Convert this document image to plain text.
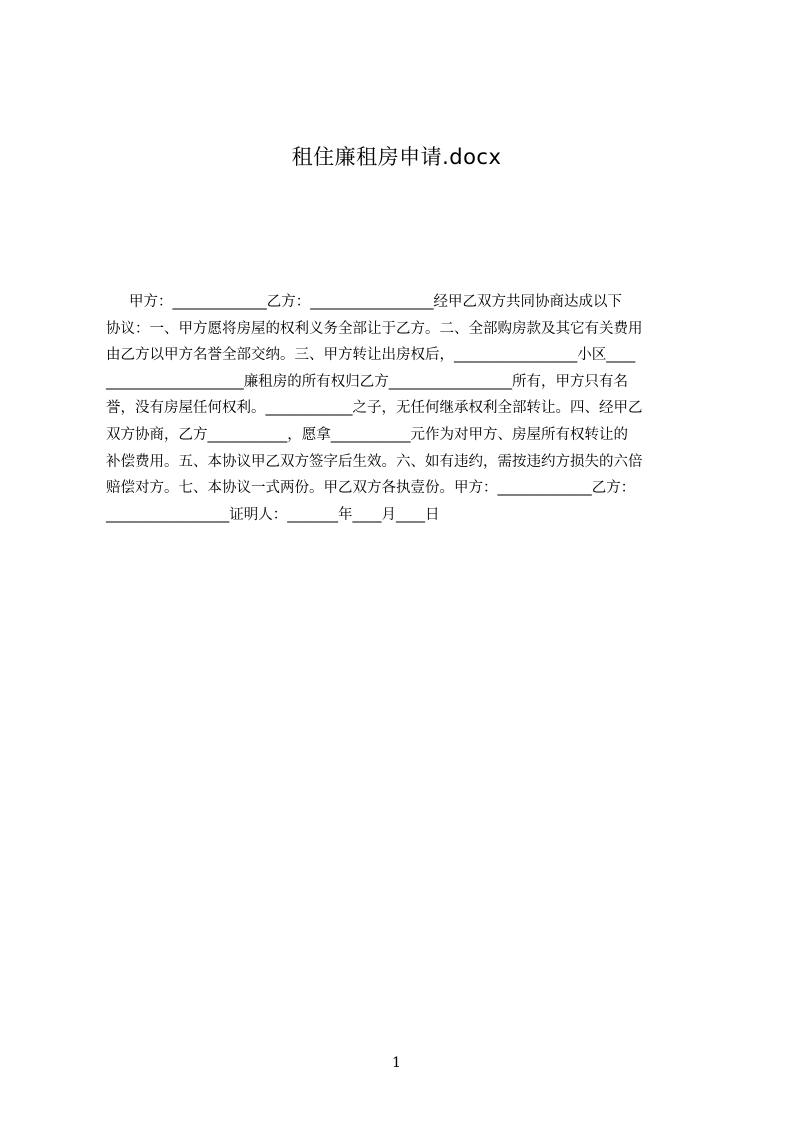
租住廉租房申请.docx
甲方：_____________乙方：_________________经甲乙双方共同协商达成以下
协议：一、甲方愿将房屋的权利义务全部让于乙方。二、全部购房款及其它有关费用
由乙方以甲方名誉全部交纳。三、甲方转让出房权后，_________________小区____
___________________廉租房的所有权归乙方_________________所有，甲方只有名
誉，没有房屋任何权利。____________之子，无任何继承权利全部转让。四、经甲乙
双方协商，乙方___________，愿拿___________元作为对甲方、房屋所有权转让的
补偿费用。五、本协议甲乙双方签字后生效。六、如有违约，需按违约方损失的六倍
赔偿对方。七、本协议一式两份。甲乙双方各执壹份。甲方：_____________乙方：
_________________证明人：_______年____月____日
1
